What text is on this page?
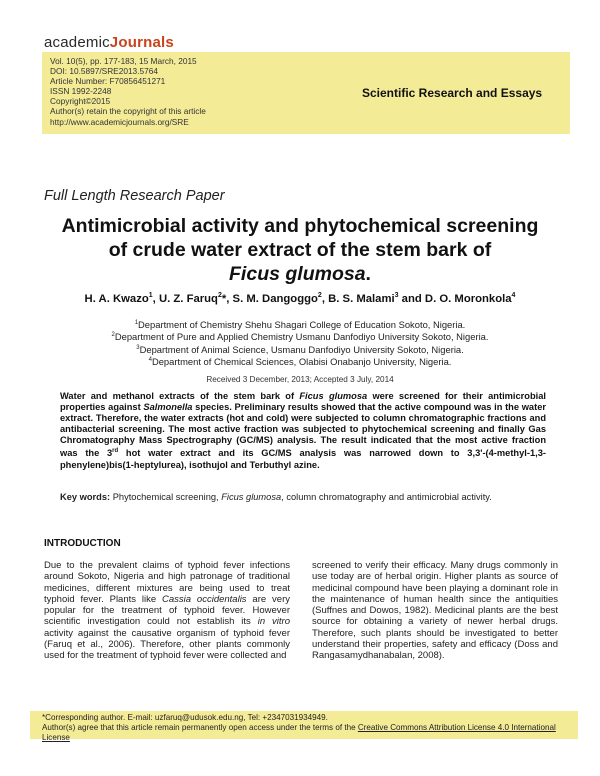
academicJournals
Vol. 10(5), pp. 177-183, 15 March, 2015
DOI: 10.5897/SRE2013.5764
Article Number: F70856451271
ISSN 1992-2248
Copyright©2015
Author(s) retain the copyright of this article
http://www.academicjournals.org/SRE
Scientific Research and Essays
Full Length Research Paper
Antimicrobial activity and phytochemical screening
of crude water extract of the stem bark of
Ficus glumosa.
H. A. Kwazo$^1$, U. Z. Faruq$^2$*, S. M. Dangoggo$^2$, B. S. Malami$^3$ and D. O. Moronkola$^4$
$^1$Department of Chemistry Shehu Shagari College of Education Sokoto, Nigeria.
$^2$Department of Pure and Applied Chemistry Usmanu Danfodiyo University Sokoto, Nigeria.
$^3$Department of Animal Science, Usmanu Danfodiyo University Sokoto, Nigeria.
$^4$Department of Chemical Sciences, Olabisi Onabanjo University, Nigeria.
Received 3 December, 2013; Accepted 3 July, 2014
Water and methanol extracts of the stem bark of Ficus glumosa were screened for their antimicrobial properties against Salmonella species. Preliminary results showed that the active compound was in the water extract. Therefore, the water extracts (hot and cold) were subjected to column chromatographic fractions and antibacterial screening. The most active fraction was subjected to phytochemical screening and finally Gas Chromatography Mass Spectrography (GC/MS) analysis. The result indicated that the most active fraction was the 3rd hot water extract and its GC/MS analysis was narrowed down to 3,3'-(4-methyl-1,3-phenylene)bis(1-heptylurea), isothujol and Terbuthyl azine.
Key words: Phytochemical screening, Ficus glumosa, column chromatography and antimicrobial activity.
INTRODUCTION
Due to the prevalent claims of typhoid fever infections around Sokoto, Nigeria and high patronage of traditional medicines, different mixtures are being used to treat typhoid fever. Plants like Cassia occidentalis are very popular for the treatment of typhoid fever. However scientific investigation could not establish its in vitro activity against the causative organism of typhoid fever (Faruq et al., 2006). Therefore, other plants commonly used for the treatment of typhoid fever were collected and
screened to verify their efficacy. Many drugs commonly in use today are of herbal origin. Higher plants as source of medicinal compound have been playing a dominant role in the maintenance of human health since the antiquities (Suffnes and Dowos, 1982). Medicinal plants are the best source for obtaining a variety of newer herbal drugs. Therefore, such plants should be investigated to better understand their properties, safety and efficacy (Doss and Rangasamydhanabalan, 2008).
*Corresponding author. E-mail: uzfaruq@udusok.edu.ng, Tel: +2347031934949.
Author(s) agree that this article remain permanently open access under the terms of the Creative Commons Attribution License 4.0 International License
